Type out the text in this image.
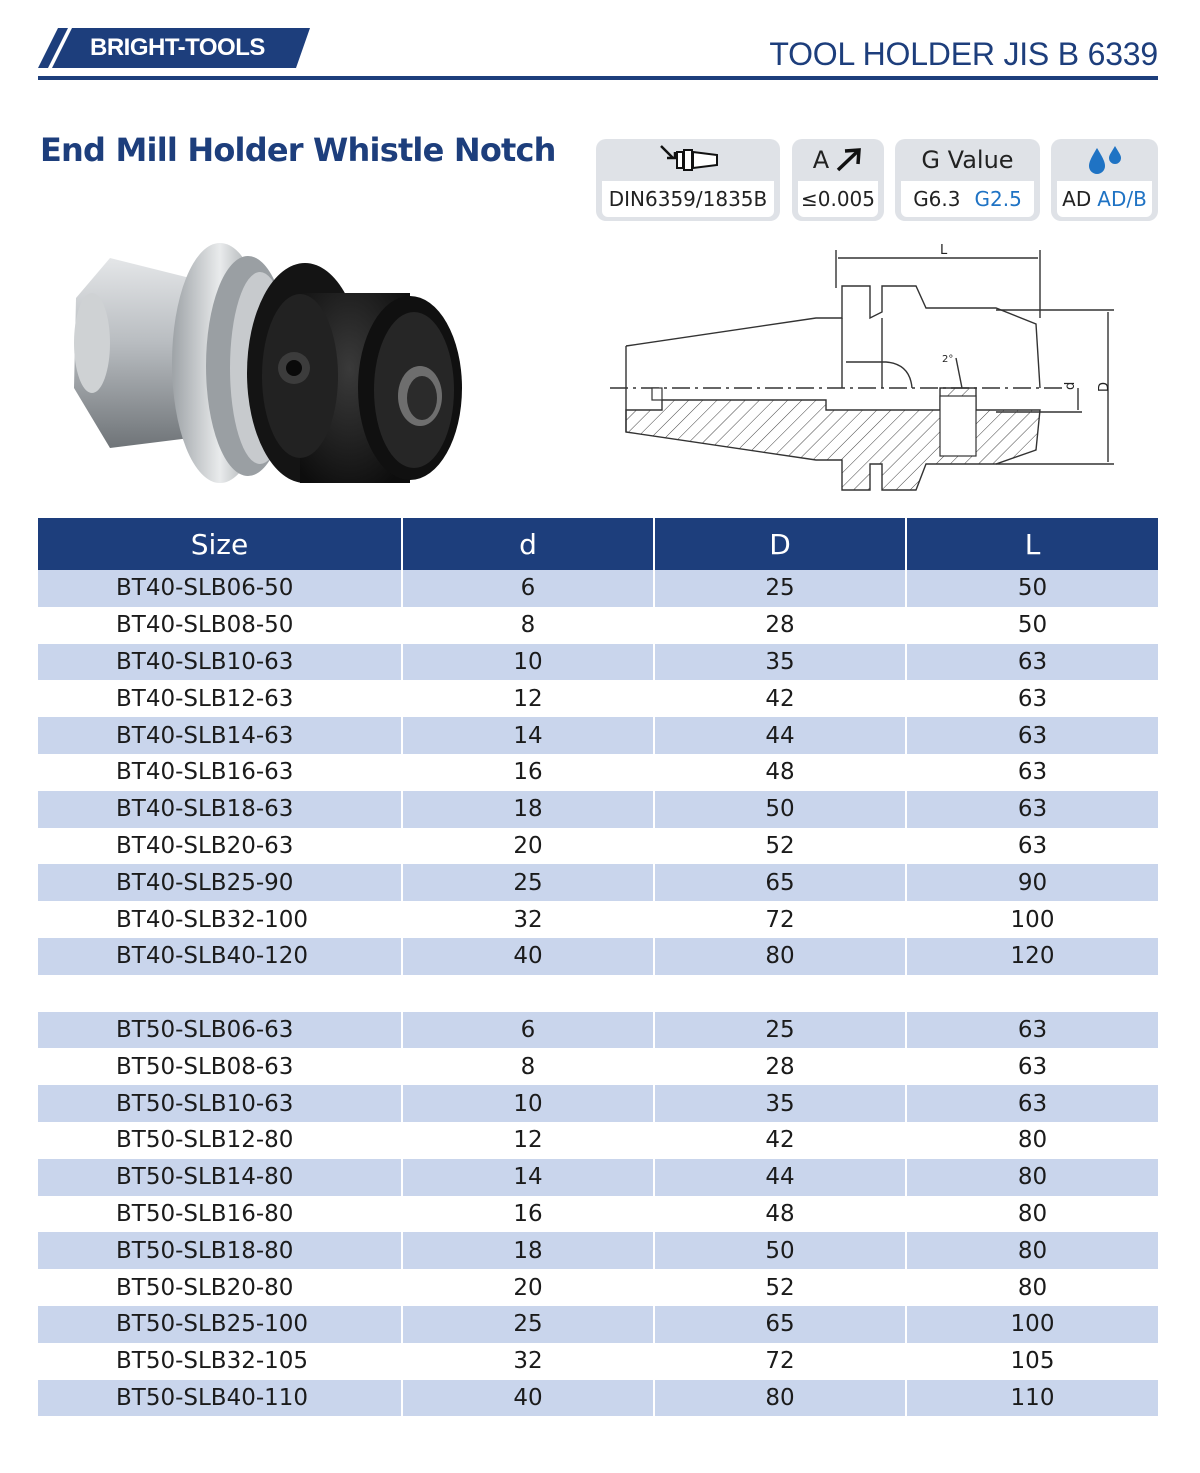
BRIGHT-TOOLS	TOOL HOLDER JIS B 6339
End Mill Holder Whistle Notch
DIN6359/1835B
A
≤0.005
G Value
G6.3 G2.5 AD AD/B
L
d D
2°
Size	d	D	L
BT40-SLB06-50	6	25	50
BT40-SLB08-50	8	28	50
BT40-SLB10-63	10	35	63
BT40-SLB12-63	12	42	63
BT40-SLB14-63	14	44	63
BT40-SLB16-63	16	48	63
BT40-SLB18-63	18	50	63
BT40-SLB20-63	20	52	63
BT40-SLB25-90	25	65	90
BT40-SLB32-100	32	72	100
BT40-SLB40-120	40	80	120
BT50-SLB06-63	6	25	63
BT50-SLB08-63	8	28	63
BT50-SLB10-63	10	35	63
BT50-SLB12-80	12	42	80
BT50-SLB14-80	14	44	80
BT50-SLB16-80	16	48	80
BT50-SLB18-80	18	50	80
BT50-SLB20-80	20	52	80
BT50-SLB25-100	25	65	100
BT50-SLB32-105	32	72	105
BT50-SLB40-110	40	80	110
